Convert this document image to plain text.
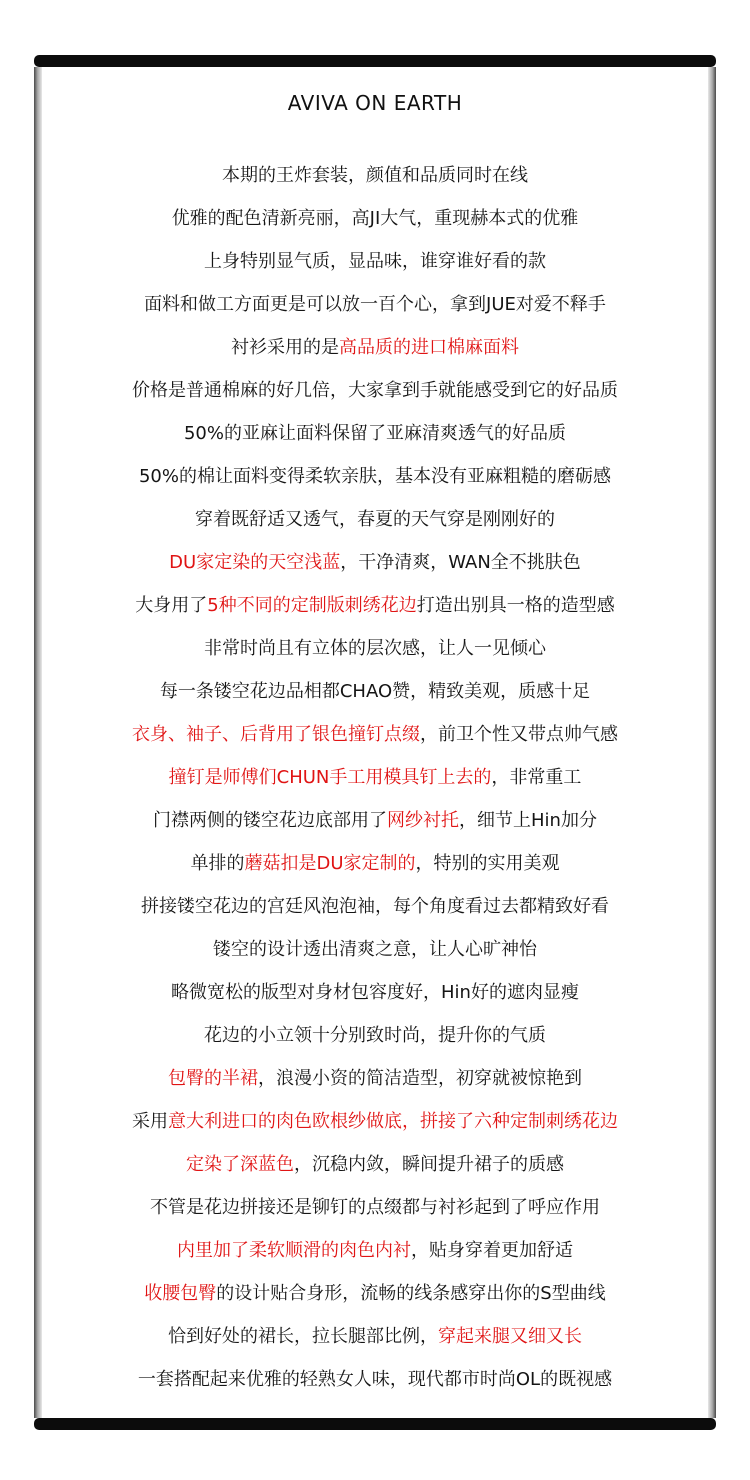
AVIVA ON EARTH
本期的王炸套装，颜值和品质同时在线
优雅的配色清新亮丽，高JI大气，重现赫本式的优雅
上身特别显气质，显品味，谁穿谁好看的款
面料和做工方面更是可以放一百个心，拿到JUE对爱不释手
衬衫采用的是高品质的进口棉麻面料
价格是普通棉麻的好几倍，大家拿到手就能感受到它的好品质
50%的亚麻让面料保留了亚麻清爽透气的好品质
50%的棉让面料变得柔软亲肤，基本没有亚麻粗糙的磨砺感
穿着既舒适又透气，春夏的天气穿是刚刚好的
DU家定染的天空浅蓝，干净清爽，WAN全不挑肤色
大身用了5种不同的定制版刺绣花边打造出别具一格的造型感
非常时尚且有立体的层次感，让人一见倾心
每一条镂空花边品相都CHAO赞，精致美观，质感十足
衣身、袖子、后背用了银色撞钉点缀，前卫个性又带点帅气感
撞钉是师傅们CHUN手工用模具钉上去的，非常重工
门襟两侧的镂空花边底部用了网纱衬托，细节上Hin加分
单排的蘑菇扣是DU家定制的，特别的实用美观
拼接镂空花边的宫廷风泡泡袖，每个角度看过去都精致好看
镂空的设计透出清爽之意，让人心旷神怡
略微宽松的版型对身材包容度好，Hin好的遮肉显瘦
花边的小立领十分别致时尚，提升你的气质
包臀的半裙，浪漫小资的简洁造型，初穿就被惊艳到
采用意大利进口的肉色欧根纱做底，拼接了六种定制刺绣花边
定染了深蓝色，沉稳内敛，瞬间提升裙子的质感
不管是花边拼接还是铆钉的点缀都与衬衫起到了呼应作用
内里加了柔软顺滑的肉色内衬，贴身穿着更加舒适
收腰包臀的设计贴合身形，流畅的线条感穿出你的S型曲线
恰到好处的裙长，拉长腿部比例，穿起来腿又细又长
一套搭配起来优雅的轻熟女人味，现代都市时尚OL的既视感
